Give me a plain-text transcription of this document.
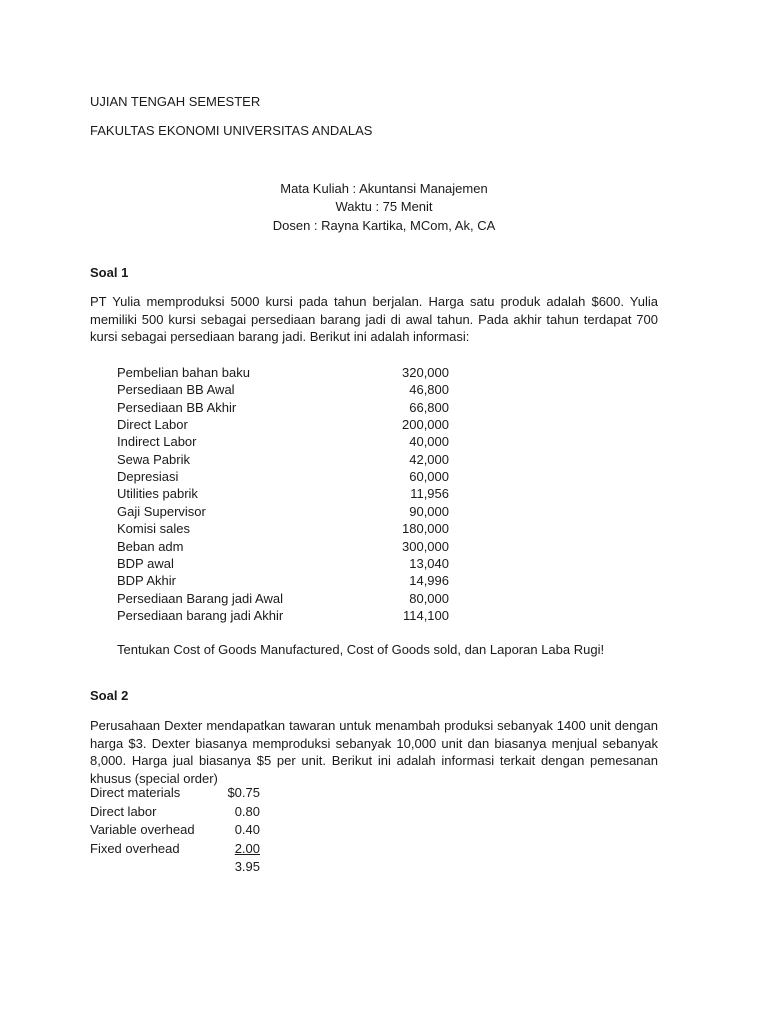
UJIAN TENGAH SEMESTER
FAKULTAS EKONOMI UNIVERSITAS ANDALAS
Mata Kuliah : Akuntansi Manajemen
Waktu : 75 Menit
Dosen : Rayna Kartika, MCom, Ak, CA
Soal 1
PT Yulia memproduksi 5000 kursi pada tahun berjalan. Harga satu produk adalah $600. Yulia memiliki 500 kursi sebagai persediaan barang jadi di awal tahun. Pada akhir tahun terdapat 700 kursi sebagai persediaan barang jadi. Berikut ini adalah informasi:
Pembelian bahan baku	320,000
Persediaan BB Awal	46,800
Persediaan BB Akhir	66,800
Direct Labor	200,000
Indirect Labor	40,000
Sewa Pabrik	42,000
Depresiasi	60,000
Utilities pabrik	11,956
Gaji Supervisor	90,000
Komisi sales	180,000
Beban adm	300,000
BDP awal	13,040
BDP Akhir	14,996
Persediaan Barang jadi Awal	80,000
Persediaan barang jadi Akhir	114,100
Tentukan Cost of Goods Manufactured, Cost of Goods sold, dan Laporan Laba Rugi!
Soal 2
Perusahaan Dexter mendapatkan tawaran untuk menambah produksi sebanyak 1400 unit dengan harga $3. Dexter biasanya memproduksi sebanyak 10,000 unit dan biasanya menjual sebanyak 8,000. Harga jual biasanya $5 per unit. Berikut ini adalah informasi terkait dengan pemesanan khusus (special order)
Direct materials	$0.75
Direct labor	0.80
Variable overhead	0.40
Fixed overhead	2.00
3.95
